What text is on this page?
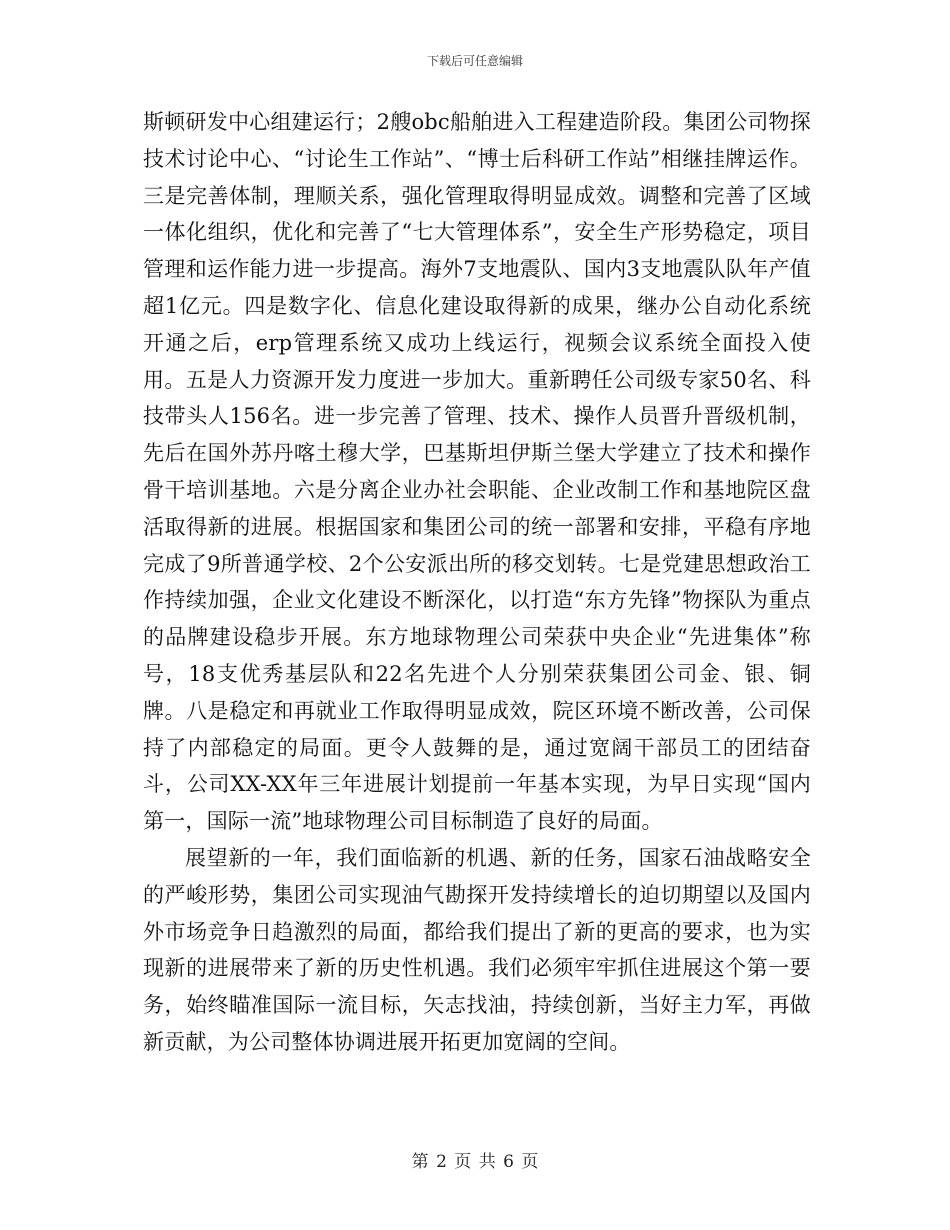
下载后可任意编辑

斯顿研发中心组建运行；2艘obc船舶进入工程建造阶段。集团公司物探技术讨论中心、“讨论生工作站”、“博士后科研工作站”相继挂牌运作。三是完善体制，理顺关系，强化管理取得明显成效。调整和完善了区域一体化组织，优化和完善了“七大管理体系”，安全生产形势稳定，项目管理和运作能力进一步提高。海外7支地震队、国内3支地震队队年产值超1亿元。四是数字化、信息化建设取得新的成果，继办公自动化系统开通之后，erp管理系统又成功上线运行，视频会议系统全面投入使用。五是人力资源开发力度进一步加大。重新聘任公司级专家50名、科技带头人156名。进一步完善了管理、技术、操作人员晋升晋级机制，先后在国外苏丹喀土穆大学，巴基斯坦伊斯兰堡大学建立了技术和操作骨干培训基地。六是分离企业办社会职能、企业改制工作和基地院区盘活取得新的进展。根据国家和集团公司的统一部署和安排，平稳有序地完成了9所普通学校、2个公安派出所的移交划转。七是党建思想政治工作持续加强，企业文化建设不断深化，以打造“东方先锋”物探队为重点的品牌建设稳步开展。东方地球物理公司荣获中央企业“先进集体”称号，18支优秀基层队和22名先进个人分别荣获集团公司金、银、铜牌。八是稳定和再就业工作取得明显成效，院区环境不断改善，公司保持了内部稳定的局面。更令人鼓舞的是，通过宽阔干部员工的团结奋斗，公司XX-XX年三年进展计划提前一年基本实现，为早日实现“国内第一，国际一流”地球物理公司目标制造了良好的局面。

展望新的一年，我们面临新的机遇、新的任务，国家石油战略安全的严峻形势，集团公司实现油气勘探开发持续增长的迫切期望以及国内外市场竞争日趋激烈的局面，都给我们提出了新的更高的要求，也为实现新的进展带来了新的历史性机遇。我们必须牢牢抓住进展这个第一要务，始终瞄准国际一流目标，矢志找油，持续创新，当好主力军，再做新贡献，为公司整体协调进展开拓更加宽阔的空间。

第 2 页 共 6 页
